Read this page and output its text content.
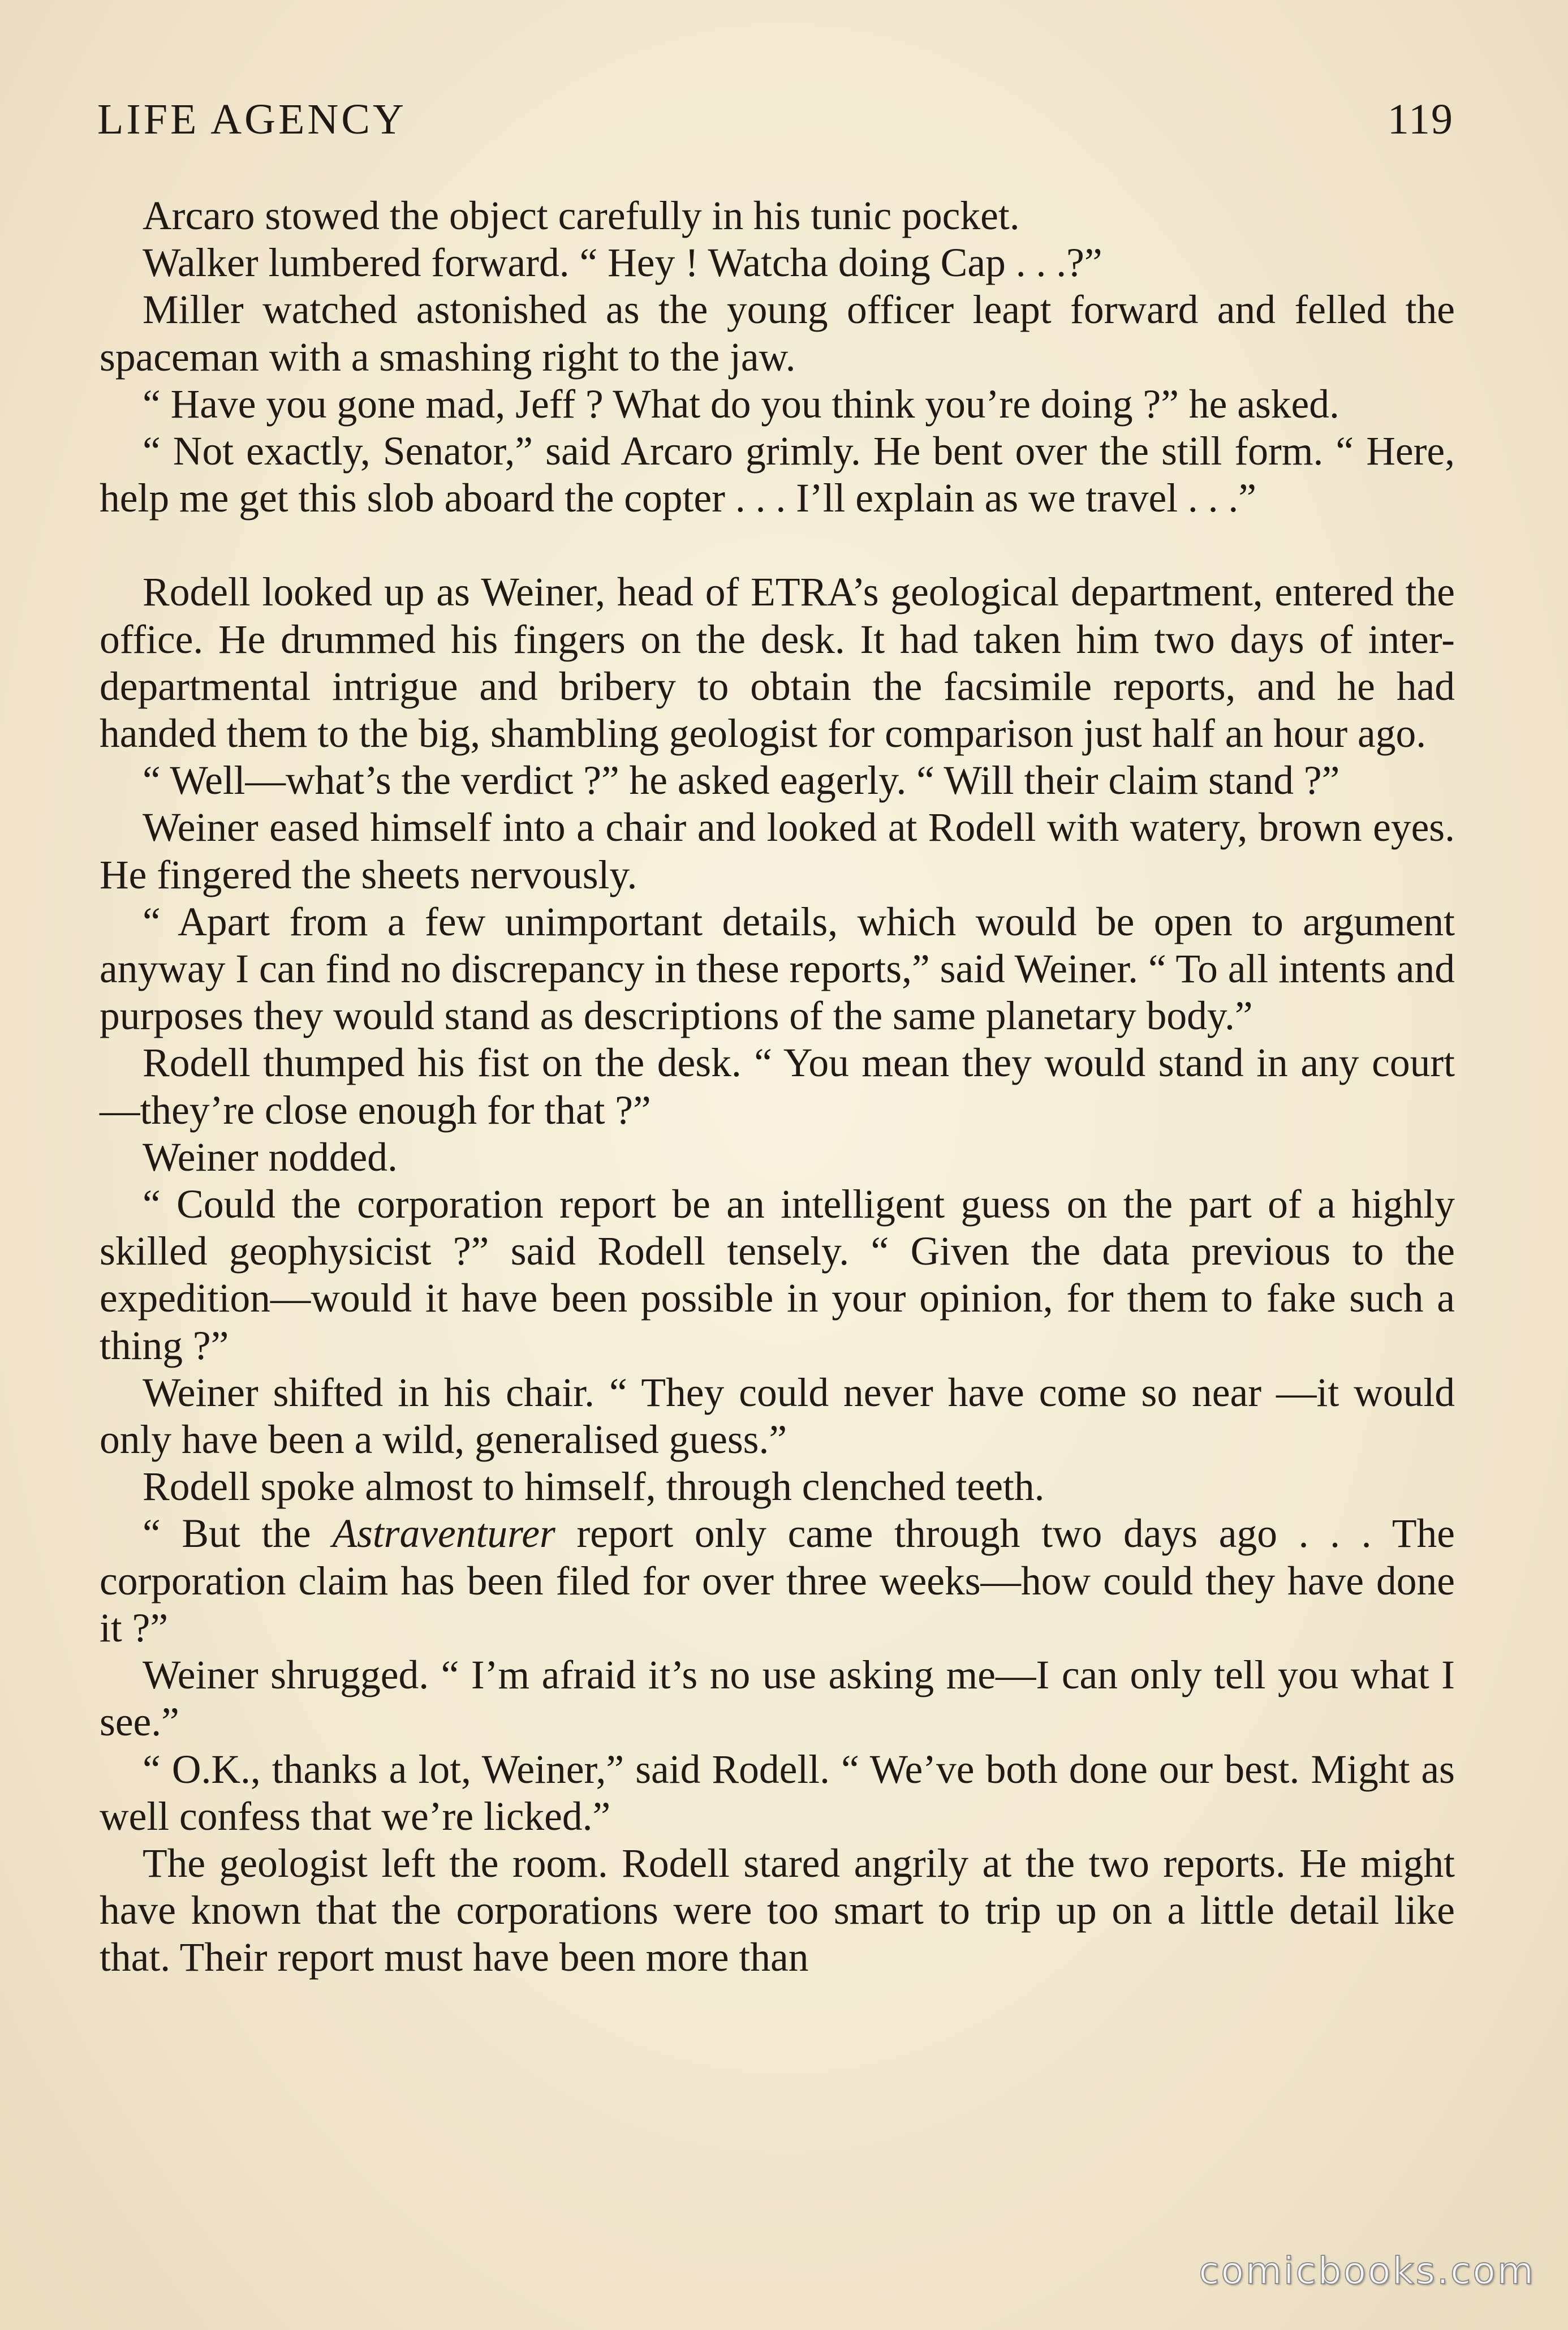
LIFE AGENCY	119

Arcaro stowed the object carefully in his tunic pocket.

Walker lumbered forward. “ Hey ! Watcha doing Cap . . .?”

Miller watched astonished as the young officer leapt forward and felled the spaceman with a smashing right to the jaw.

“ Have you gone mad, Jeff ? What do you think you’re doing ?” he asked.

“ Not exactly, Senator,” said Arcaro grimly. He bent over the still form. “ Here, help me get this slob aboard the copter . . . I’ll explain as we travel . . .”

Rodell looked up as Weiner, head of ETRA’s geological department, entered the office. He drummed his fingers on the desk. It had taken him two days of inter-departmental intrigue and bribery to obtain the facsimile reports, and he had handed them to the big, shambling geologist for comparison just half an hour ago.

“ Well—what’s the verdict ?” he asked eagerly. “ Will their claim stand ?”

Weiner eased himself into a chair and looked at Rodell with watery, brown eyes. He fingered the sheets nervously.

“ Apart from a few unimportant details, which would be open to argument anyway I can find no discrepancy in these reports,” said Weiner. “ To all intents and purposes they would stand as descriptions of the same planetary body.”

Rodell thumped his fist on the desk. “ You mean they would stand in any court—they’re close enough for that ?”

Weiner nodded.

“ Could the corporation report be an intelligent guess on the part of a highly skilled geophysicist ?” said Rodell tensely. “ Given the data previous to the expedition—would it have been possible in your opinion, for them to fake such a thing ?”

Weiner shifted in his chair. “ They could never have come so near —it would only have been a wild, generalised guess.”

Rodell spoke almost to himself, through clenched teeth.

“ But the Astraventurer report only came through two days ago . . . The corporation claim has been filed for over three weeks—how could they have done it ?”

Weiner shrugged. “ I’m afraid it’s no use asking me—I can only tell you what I see.”

“ O.K., thanks a lot, Weiner,” said Rodell. “ We’ve both done our best. Might as well confess that we’re licked.”

The geologist left the room. Rodell stared angrily at the two reports. He might have known that the corporations were too smart to trip up on a little detail like that. Their report must have been more than

comicbooks.com
